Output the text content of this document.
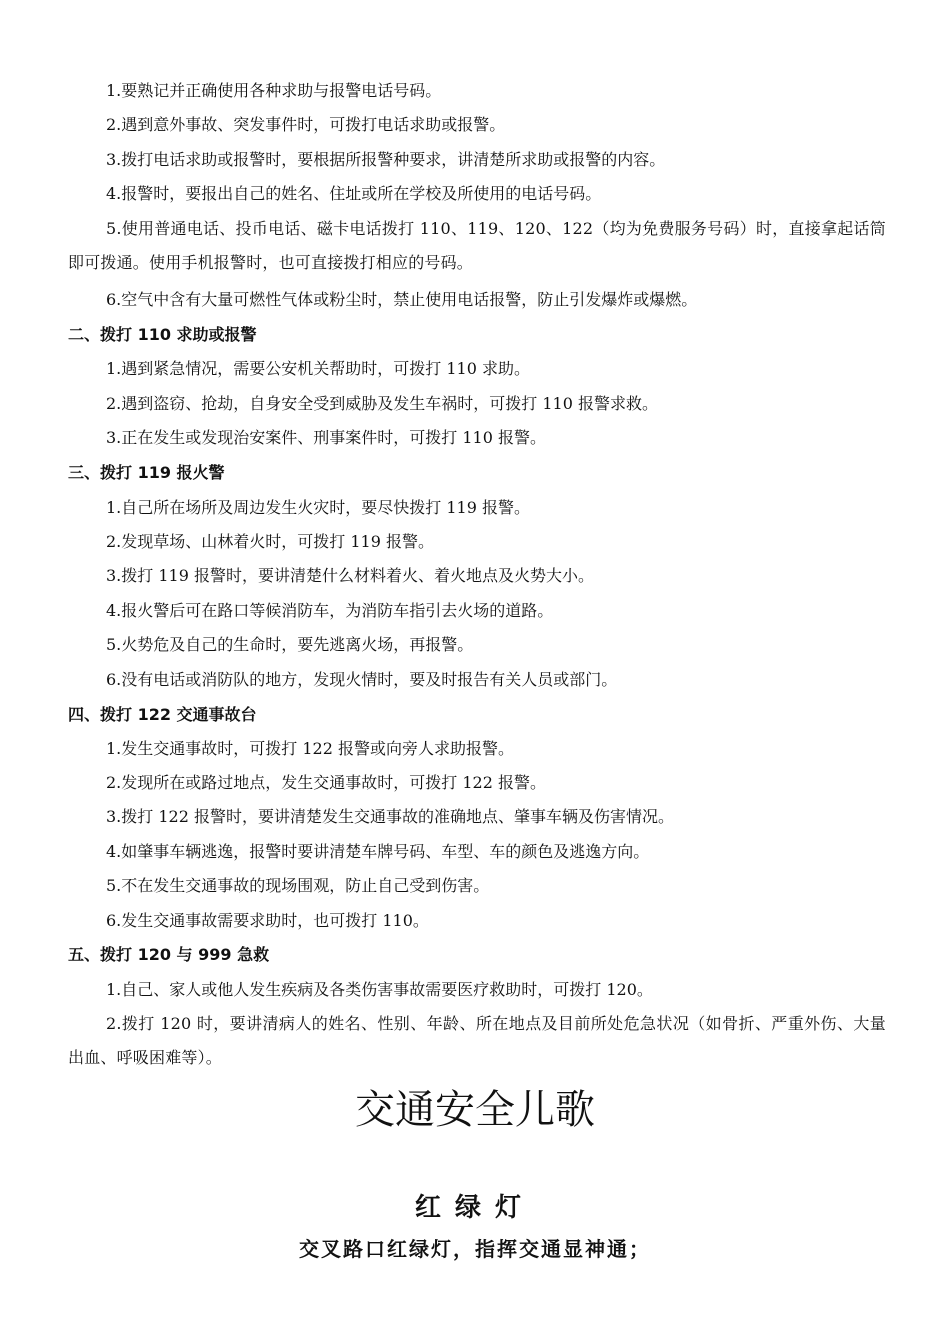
1.要熟记并正确使用各种求助与报警电话号码。
2.遇到意外事故、突发事件时，可拨打电话求助或报警。
3.拨打电话求助或报警时，要根据所报警种要求，讲清楚所求助或报警的内容。
4.报警时，要报出自己的姓名、住址或所在学校及所使用的电话号码。
5.使用普通电话、投币电话、磁卡电话拨打 110、119、120、122（均为免费服务号码）时，直接拿起话筒即可拨通。使用手机报警时，也可直接拨打相应的号码。
6.空气中含有大量可燃性气体或粉尘时，禁止使用电话报警，防止引发爆炸或爆燃。
二、拨打 110 求助或报警
1.遇到紧急情况，需要公安机关帮助时，可拨打 110 求助。
2.遇到盗窃、抢劫，自身安全受到威胁及发生车祸时，可拨打 110 报警求救。
3.正在发生或发现治安案件、刑事案件时，可拨打 110 报警。
三、拨打 119 报火警
1.自己所在场所及周边发生火灾时，要尽快拨打 119 报警。
2.发现草场、山林着火时，可拨打 119 报警。
3.拨打 119 报警时，要讲清楚什么材料着火、着火地点及火势大小。
4.报火警后可在路口等候消防车，为消防车指引去火场的道路。
5.火势危及自己的生命时，要先逃离火场，再报警。
6.没有电话或消防队的地方，发现火情时，要及时报告有关人员或部门。
四、拨打 122 交通事故台
1.发生交通事故时，可拨打 122 报警或向旁人求助报警。
2.发现所在或路过地点，发生交通事故时，可拨打 122 报警。
3.拨打 122 报警时，要讲清楚发生交通事故的准确地点、肇事车辆及伤害情况。
4.如肇事车辆逃逸，报警时要讲清楚车牌号码、车型、车的颜色及逃逸方向。
5.不在发生交通事故的现场围观，防止自己受到伤害。
6.发生交通事故需要求助时，也可拨打 110。
五、拨打 120 与 999 急救
1.自己、家人或他人发生疾病及各类伤害事故需要医疗救助时，可拨打 120。
2.拨打 120 时，要讲清病人的姓名、性别、年龄、所在地点及目前所处危急状况（如骨折、严重外伤、大量出血、呼吸困难等）。
交通安全儿歌
红绿灯
交叉路口红绿灯，指挥交通显神通；
